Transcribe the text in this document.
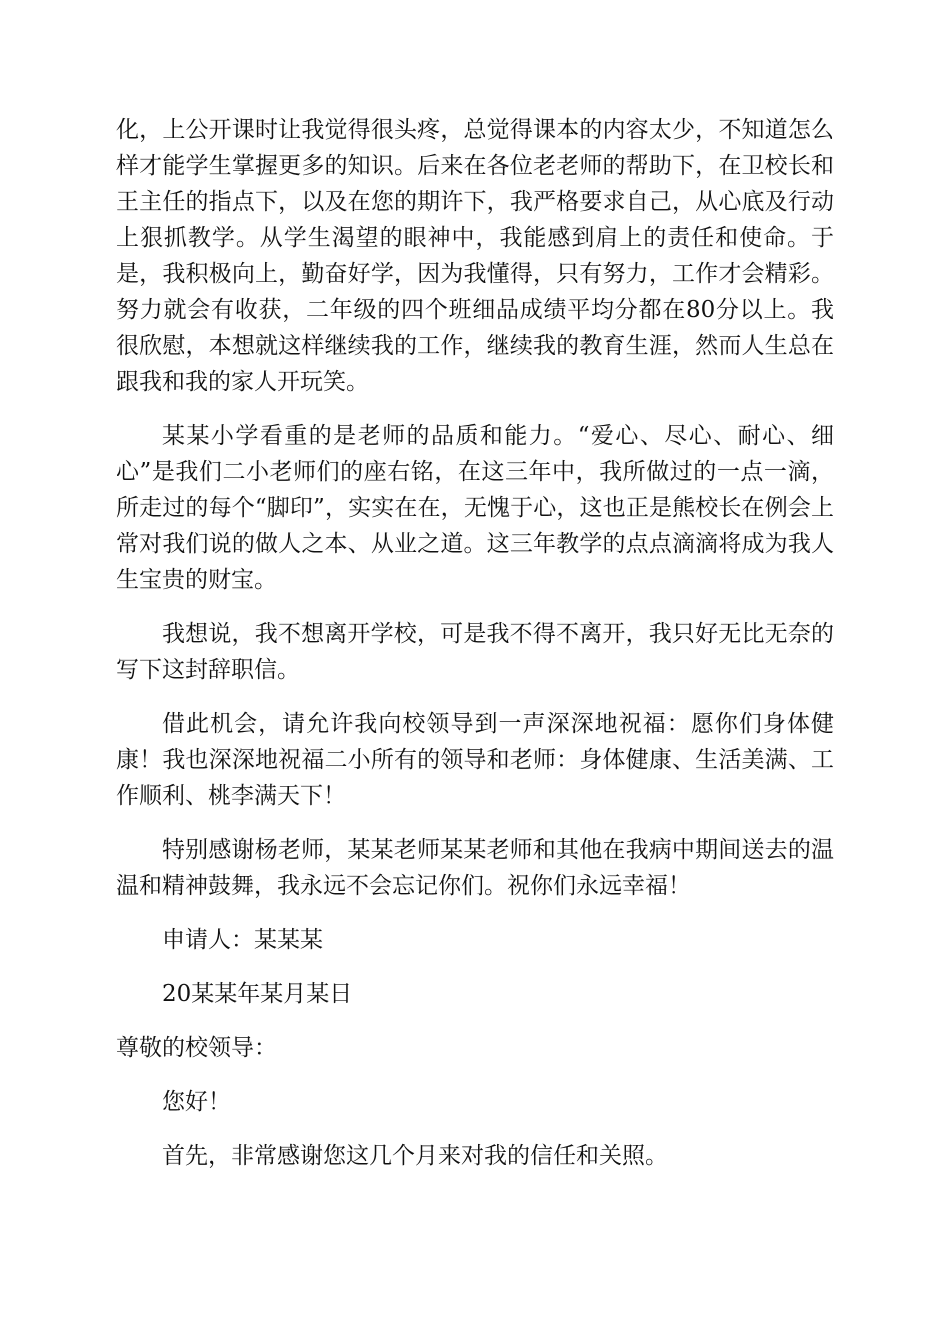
化，上公开课时让我觉得很头疼，总觉得课本的内容太少，不知道怎么样才能学生掌握更多的知识。后来在各位老老师的帮助下，在卫校长和王主任的指点下，以及在您的期许下，我严格要求自己，从心底及行动上狠抓教学。从学生渴望的眼神中，我能感到肩上的责任和使命。于是，我积极向上，勤奋好学，因为我懂得，只有努力，工作才会精彩。努力就会有收获，二年级的四个班细品成绩平均分都在80分以上。我很欣慰，本想就这样继续我的工作，继续我的教育生涯，然而人生总在跟我和我的家人开玩笑。

某某小学看重的是老师的品质和能力。“爱心、尽心、耐心、细心”是我们二小老师们的座右铭，在这三年中，我所做过的一点一滴，所走过的每个“脚印”，实实在在，无愧于心，这也正是熊校长在例会上常对我们说的做人之本、从业之道。这三年教学的点点滴滴将成为我人生宝贵的财宝。

我想说，我不想离开学校，可是我不得不离开，我只好无比无奈的写下这封辞职信。

借此机会，请允许我向校领导到一声深深地祝福：愿你们身体健康！我也深深地祝福二小所有的领导和老师：身体健康、生活美满、工作顺利、桃李满天下！

特别感谢杨老师，某某老师某某老师和其他在我病中期间送去的温温和精神鼓舞，我永远不会忘记你们。祝你们永远幸福！

申请人：某某某

20某某年某月某日

尊敬的校领导：

您好！

首先，非常感谢您这几个月来对我的信任和关照。
